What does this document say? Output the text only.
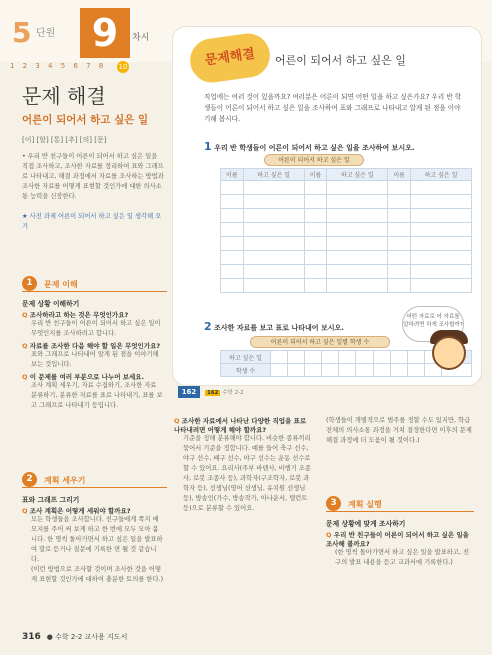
5 단원 9	차시
1 2 3 4 5 6 7 8 10
문제 해결
어른이 되어서 하고 싶은 일
[이] [할] [통] [추] [의] [문]
• 우리 반 친구들이 어른이 되어서 하고 싶은 일을 직접 조사하고, 조사한 자료를 정리하여 표와 그래프로 나타내고, 해결 과정에서 자료를 조사하는 방법과 조사한 자료를 어떻게 표현할 것인가에 대한 의사소통 능력을 신장한다.
★ 사전 과제 어른이 되어서 하고 싶은 일 생각해 오기
1	문제 이해
문제 상황 이해하기
Q 조사하라고 하는 것은 무엇인가요?
우리 반 친구들이 어른이 되어서 하고 싶은 일이 무엇인지를 조사하려고 합니다.
Q 자료를 조사한 다음 해야 할 일은 무엇인가요?
표와 그래프로 나타내어 알게 된 점을 이야기해 보는 것입니다.
Q 이 문제를 여러 부분으로 나누어 보세요.
조사 계획 세우기, 자료 수집하기, 조사한 자료 분류하기, 분류한 자료를 표로 나타내기, 표를 보고 그래프로 나타내기 등입니다.
2	계획 세우기
표와 그래프 그리기
Q 조사 계획은 어떻게 세워야 할까요?
모든 학생들을 조사합니다. 친구들에게 쪽지 메모지를 주어 써 보게 하고 한 번에 모두 모아 봅니다. 한 명씩 돌아가면서 하고 싶은 일을 발표하여 말로 듣거나 질문에 기록한 면 될 것 같습니다.
(이런 방법으로 조사할 것이며 조사한 것을 어떻게 표현할 것인가에 대하여 충분한 토의를 한다.)
문제해결	어른이 되어서 하고 싶은 일
직업에는 여러 것이 있을까요? 여러분은 어른이 되면 어떤 일을 하고 싶은가요? 우리 반 학생들이 어른이 되어서 하고 싶은 일을 조사하여 표와 그래프로 나타내고 알게 된 점을 이야기해 봅시다.
1 우리 반 학생들이 어른이 되어서 하고 싶은 일을 조사하여 보시오.
어른이 되어서 하고 싶은 일
이름	하고 싶은 일	이름	하고 싶은 일	이름	하고 싶은 일

2 조사한 자료를 보고 표로 나타내어 보시오.
어른이 되어서 하고 싶은 일별 학생 수
하고 싶은 일											
학생 수											
어떤 자료로 어 자료를 알하려면 하게 조사할까?
162	162 수학 2-2
Q 조사한 자료에서 나타난 다양한 직업을 표로 나타내려면 어떻게 해야 할까요?
기준을 정해 분류해야 합니다. 비슷한 종류끼리 묶어서 기준을 정합니다. 예를 들어 축구 선수, 야구 선수, 배구 선수, 야구 선수는 운동 선수로 할 수 있어요. 요리사(주부 바텐사, 비행기 조종사, 로봇 조종사 등), 과학자(구조학자, 로봇 과학자 등), 선생님(영어 선생님, 유치원 선생님 등), 방송인(가수, 방송작가, 아나운서, 탤런트 등)으로 분류할 수 있어요.
(학생들이 개별적으로 범주를 정할 수도 있지만, 학급 전체의 의사소통 과정을 거쳐 결정한다면 이후의 문제 해결 과정에 더 도움이 될 것이다.)
3	계획 실행
문제 상황에 맞게 조사하기
Q 우리 반 친구들이 어른이 되어서 하고 싶은 일을 조사해 볼까요?
(한 명씩 돌아가면서 하고 싶은 일을 발표하고, 친구의 발표 내용을 듣고 교과서에 기록한다.)
316 ● 수학 2-2 교사용 지도서
